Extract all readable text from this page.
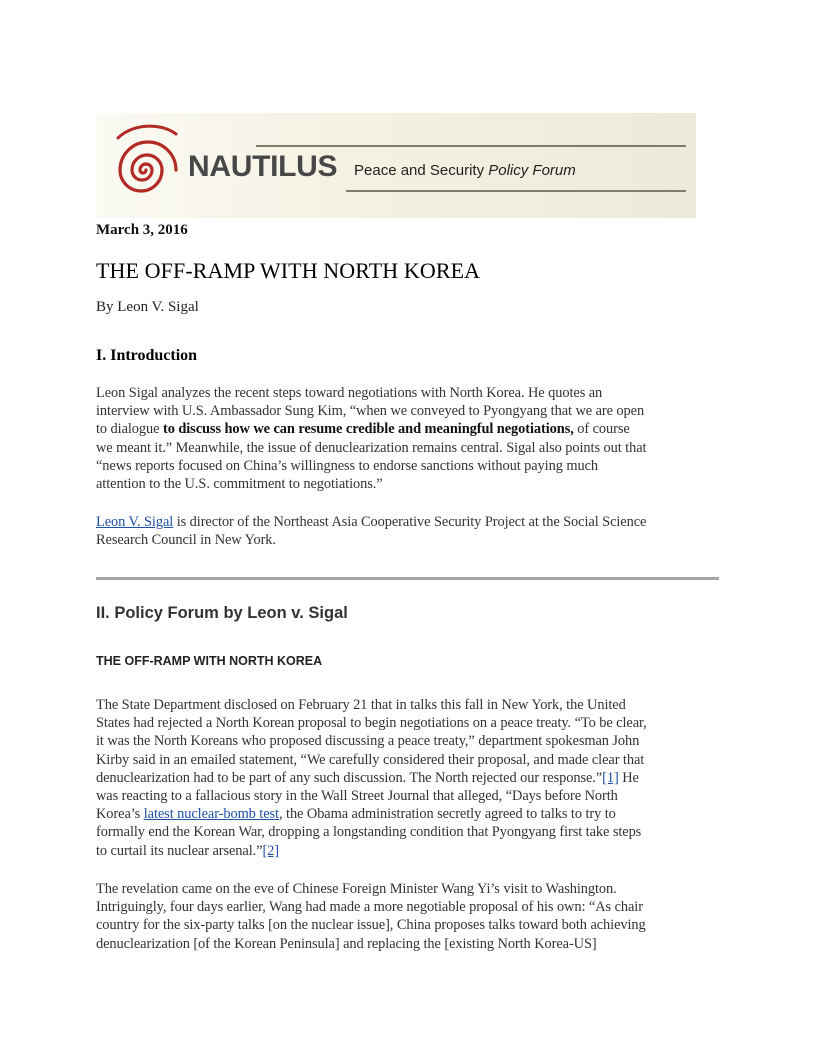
NAUTILUS Peace and Security Policy Forum

March 3, 2016

THE OFF-RAMP WITH NORTH KOREA

By Leon V. Sigal

I. Introduction
Leon Sigal analyzes the recent steps toward negotiations with North Korea. He quotes an
interview with U.S. Ambassador Sung Kim, “when we conveyed to Pyongyang that we are open
to dialogue to discuss how we can resume credible and meaningful negotiations, of course
we meant it.” Meanwhile, the issue of denuclearization remains central. Sigal also points out that
“news reports focused on China’s willingness to endorse sanctions without paying much
attention to the U.S. commitment to negotiations.”
Leon V. Sigal is director of the Northeast Asia Cooperative Security Project at the Social Science
Research Council in New York.
II. Policy Forum by Leon v. Sigal
THE OFF-RAMP WITH NORTH KOREA
The State Department disclosed on February 21 that in talks this fall in New York, the United
States had rejected a North Korean proposal to begin negotiations on a peace treaty. “To be clear,
it was the North Koreans who proposed discussing a peace treaty,” department spokesman John
Kirby said in an emailed statement, “We carefully considered their proposal, and made clear that
denuclearization had to be part of any such discussion. The North rejected our response.”[1] He
was reacting to a fallacious story in the Wall Street Journal that alleged, “Days before North
Korea’s latest nuclear-bomb test, the Obama administration secretly agreed to talks to try to
formally end the Korean War, dropping a longstanding condition that Pyongyang first take steps
to curtail its nuclear arsenal.”[2]
The revelation came on the eve of Chinese Foreign Minister Wang Yi’s visit to Washington.
Intriguingly, four days earlier, Wang had made a more negotiable proposal of his own: “As chair
country for the six-party talks [on the nuclear issue], China proposes talks toward both achieving
denuclearization [of the Korean Peninsula] and replacing the [existing North Korea-US]
